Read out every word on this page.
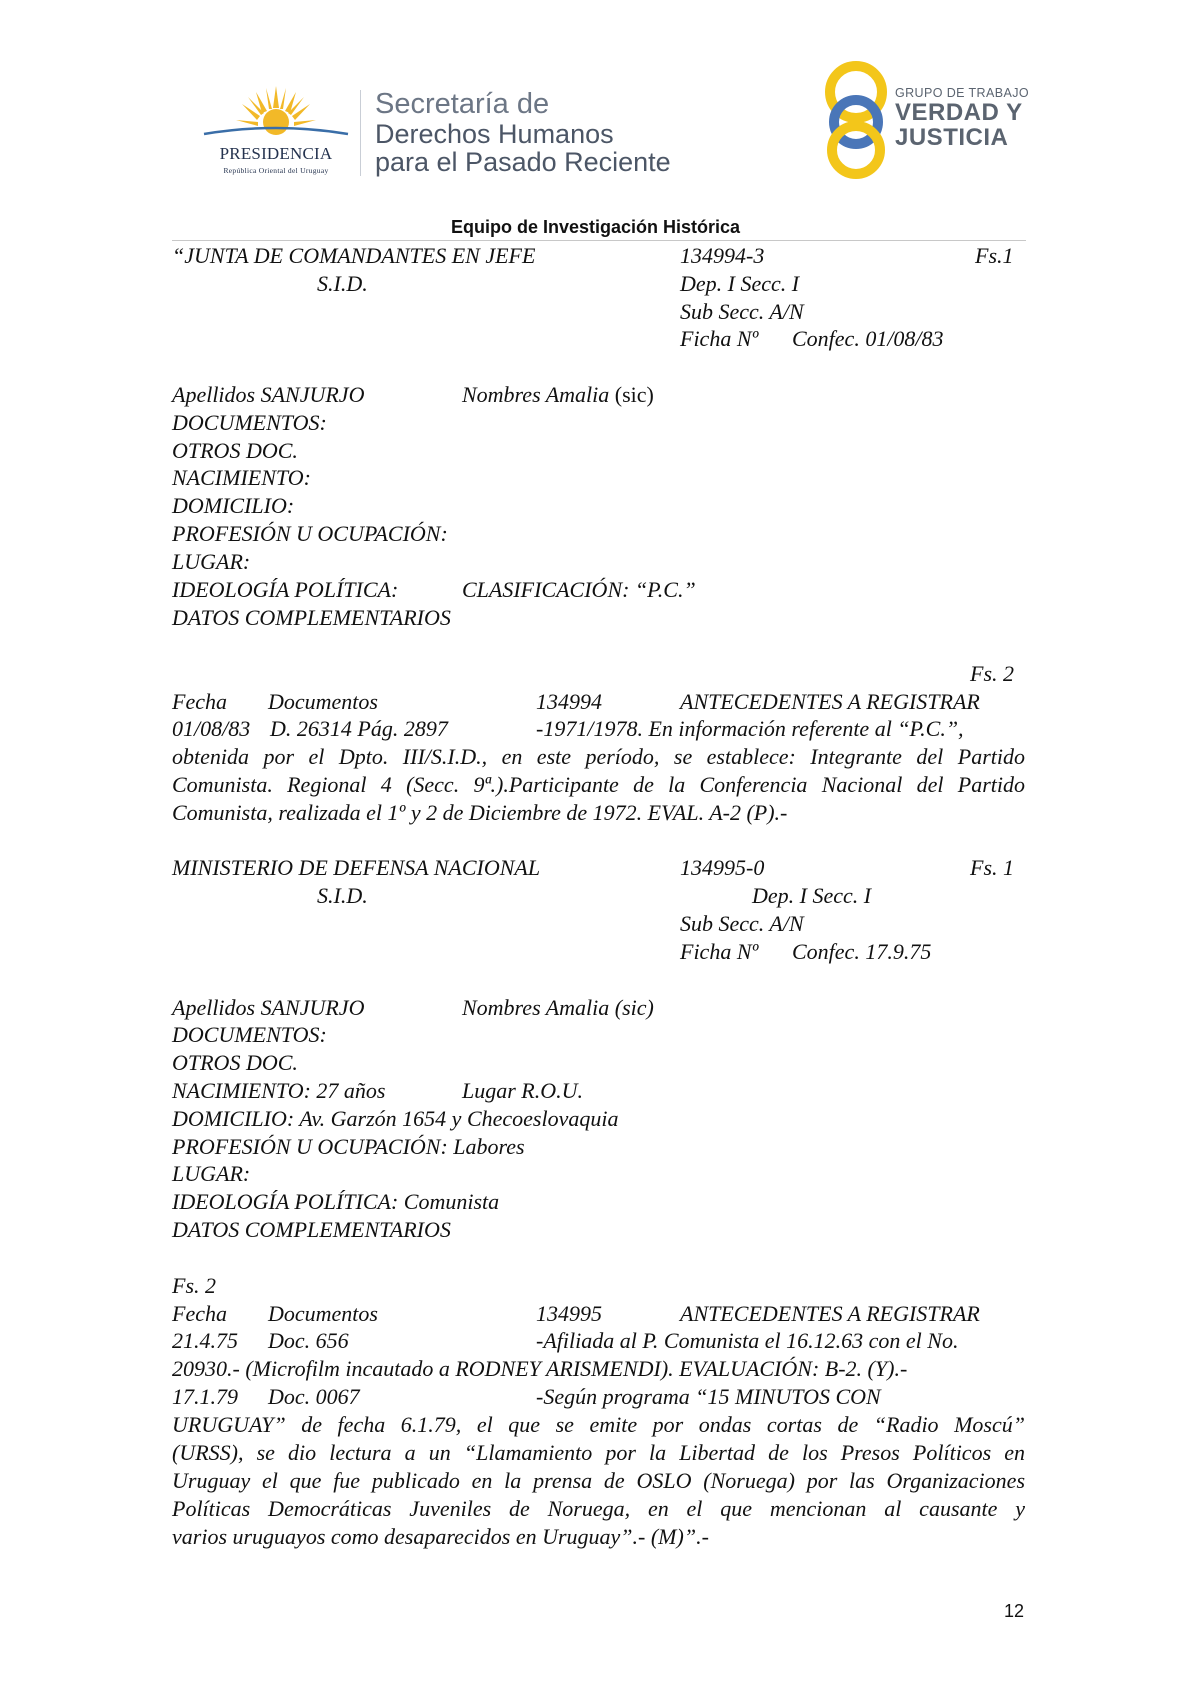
PRESIDENCIA
República Oriental del Uruguay
Secretaría de
Derechos Humanos
para el Pasado Reciente
GRUPO DE TRABAJO
VERDAD Y
JUSTICIA
Equipo de Investigación Histórica
“JUNTA DE COMANDANTES EN JEFE	134994-3	Fs.1
S.I.D.	Dep. I Secc. I
Sub Secc. A/N
Ficha Nº Confec. 01/08/83
Apellidos SANJURJO	Nombres Amalia (sic)
DOCUMENTOS:
OTROS DOC.
NACIMIENTO:
DOMICILIO:
PROFESIÓN U OCUPACIÓN:
LUGAR:
IDEOLOGÍA POLÍTICA:	CLASIFICACIÓN: “P.C.”
DATOS COMPLEMENTARIOS
Fs. 2
Fecha Documentos	134994	ANTECEDENTES A REGISTRAR
01/08/83 D. 26314 Pág. 2897	-1971/1978. En información referente al “P.C.”,
obtenida por el Dpto. III/S.I.D., en este período, se establece: Integrante del Partido
Comunista. Regional 4 (Secc. 9ª.).Participante de la Conferencia Nacional del Partido
Comunista, realizada el 1º y 2 de Diciembre de 1972. EVAL. A-2 (P).-
MINISTERIO DE DEFENSA NACIONAL	134995-0	Fs. 1
S.I.D.	Dep. I Secc. I
Sub Secc. A/N
Ficha Nº Confec. 17.9.75
Apellidos SANJURJO	Nombres Amalia (sic)
DOCUMENTOS:
OTROS DOC.
NACIMIENTO: 27 años	Lugar R.O.U.
DOMICILIO: Av. Garzón 1654 y Checoeslovaquia
PROFESIÓN U OCUPACIÓN: Labores
LUGAR:
IDEOLOGÍA POLÍTICA: Comunista
DATOS COMPLEMENTARIOS
Fs. 2
Fecha Documentos	134995	ANTECEDENTES A REGISTRAR
21.4.75 Doc. 656	-Afiliada al P. Comunista el 16.12.63 con el No.
20930.- (Microfilm incautado a RODNEY ARISMENDI). EVALUACIÓN: B-2. (Y).-
17.1.79 Doc. 0067	-Según programa “15 MINUTOS CON
URUGUAY” de fecha 6.1.79, el que se emite por ondas cortas de “Radio Moscú”
(URSS), se dio lectura a un “Llamamiento por la Libertad de los Presos Políticos en
Uruguay el que fue publicado en la prensa de OSLO (Noruega) por las Organizaciones
Políticas Democráticas Juveniles de Noruega, en el que mencionan al causante y
varios uruguayos como desaparecidos en Uruguay”.- (M)”.-
12
